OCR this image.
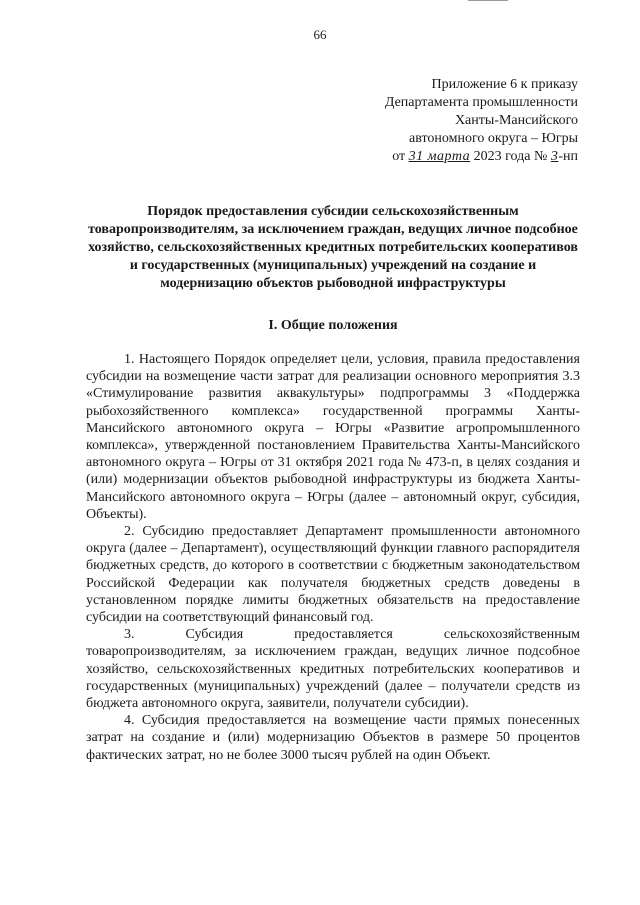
66
Приложение 6 к приказу
Департамента промышленности
Ханты-Мансийского
автономного округа – Югры
от 31 марта 2023 года № 3-нп
Порядок предоставления субсидии сельскохозяйственным товаропроизводителям, за исключением граждан, ведущих личное подсобное хозяйство, сельскохозяйственных кредитных потребительских кооперативов и государственных (муниципальных) учреждений на создание и модернизацию объектов рыбоводной инфраструктуры
I. Общие положения

1. Настоящего Порядок определяет цели, условия, правила предоставления субсидии на возмещение части затрат для реализации основного мероприятия 3.3 «Стимулирование развития аквакультуры» подпрограммы 3 «Поддержка рыбохозяйственного комплекса» государственной программы Ханты-Мансийского автономного округа – Югры «Развитие агропромышленного комплекса», утвержденной постановлением Правительства Ханты-Мансийского автономного округа – Югры от 31 октября 2021 года № 473-п, в целях создания и (или) модернизации объектов рыбоводной инфраструктуры из бюджета Ханты-Мансийского автономного округа – Югры (далее – автономный округ, субсидия, Объекты).

2. Субсидию предоставляет Департамент промышленности автономного округа (далее – Департамент), осуществляющий функции главного распорядителя бюджетных средств, до которого в соответствии с бюджетным законодательством Российской Федерации как получателя бюджетных средств доведены в установленном порядке лимиты бюджетных обязательств на предоставление субсидии на соответствующий финансовый год.

3. Субсидия предоставляется сельскохозяйственным товаропроизводителям, за исключением граждан, ведущих личное подсобное хозяйство, сельскохозяйственных кредитных потребительских кооперативов и государственных (муниципальных) учреждений (далее – получатели средств из бюджета автономного округа, заявители, получатели субсидии).

4. Субсидия предоставляется на возмещение части прямых понесенных затрат на создание и (или) модернизацию Объектов в размере 50 процентов фактических затрат, но не более 3000 тысяч рублей на один Объект.
